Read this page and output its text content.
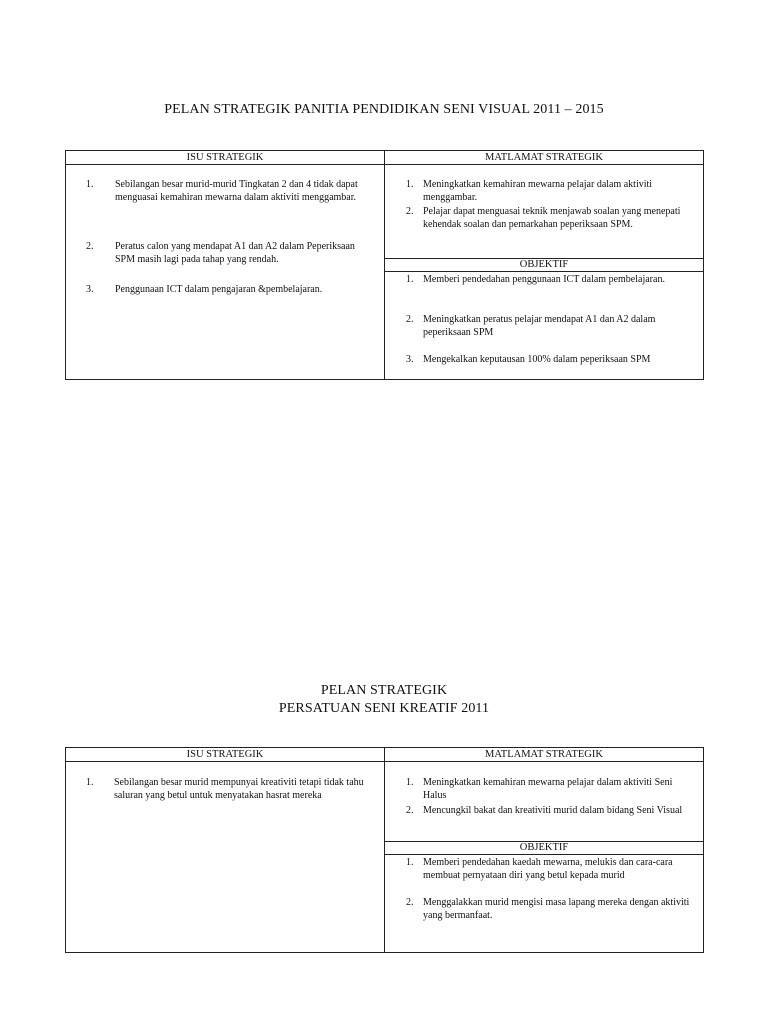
PELAN STRATEGIK PANITIA PENDIDIKAN SENI VISUAL 2011 – 2015
ISU STRATEGIK	MATLAMAT STRATEGIK
1. Sebilangan besar murid-murid Tingkatan 2 dan 4 tidak dapat menguasai kemahiran mewarna dalam aktiviti menggambar.
2. Peratus calon yang mendapat A1 dan A2 dalam Peperiksaan SPM masih lagi pada tahap yang rendah.
3. Penggunaan ICT dalam pengajaran &pembelajaran.
1. Meningkatkan kemahiran mewarna pelajar dalam aktiviti menggambar.
2. Pelajar dapat menguasai teknik menjawab soalan yang menepati kehendak soalan dan pemarkahan peperiksaan SPM.
OBJEKTIF
1. Memberi pendedahan penggunaan ICT dalam pembelajaran.
2. Meningkatkan peratus pelajar mendapat A1 dan A2 dalam peperiksaan SPM
3. Mengekalkan keputausan 100% dalam peperiksaan SPM
PELAN STRATEGIK
PERSATUAN SENI KREATIF 2011
ISU STRATEGIK	MATLAMAT STRATEGIK
1. Sebilangan besar murid mempunyai kreativiti tetapi tidak tahu saluran yang betul untuk menyatakan hasrat mereka
1. Meningkatkan kemahiran mewarna pelajar dalam aktiviti Seni Halus
2. Mencungkil bakat dan kreativiti murid dalam bidang Seni Visual
OBJEKTIF
1. Memberi pendedahan kaedah mewarna, melukis dan cara-cara membuat pernyataan diri yang betul kepada murid
2. Menggalakkan murid mengisi masa lapang mereka dengan aktiviti yang bermanfaat.
